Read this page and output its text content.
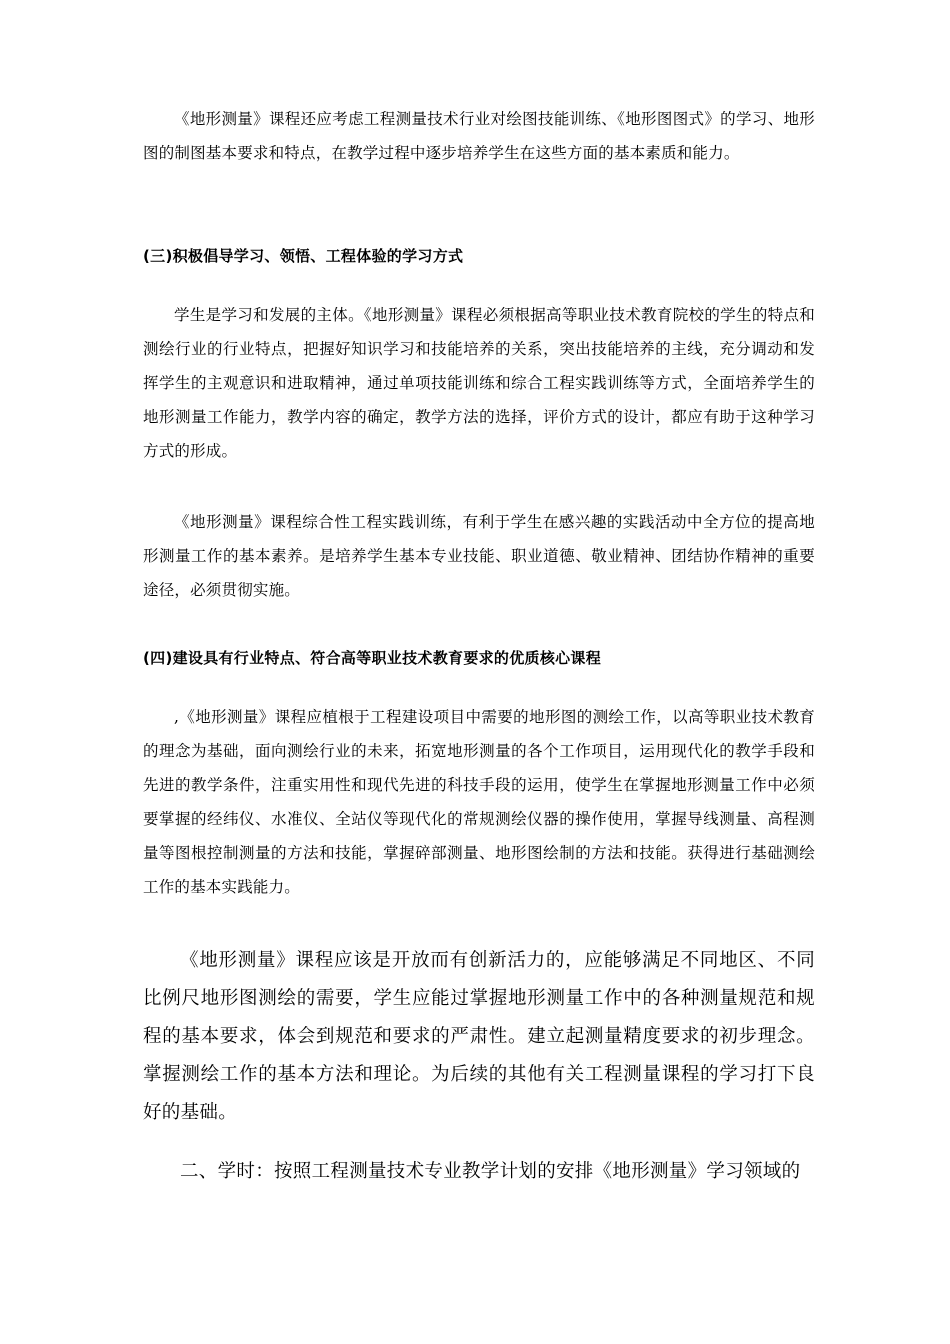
《地形测量》课程还应考虑工程测量技术行业对绘图技能训练、《地形图图式》的学习、地形图的制图基本要求和特点，在教学过程中逐步培养学生在这些方面的基本素质和能力。

(三)积极倡导学习、领悟、工程体验的学习方式

学生是学习和发展的主体。《地形测量》课程必须根据高等职业技术教育院校的学生的特点和测绘行业的行业特点，把握好知识学习和技能培养的关系，突出技能培养的主线，充分调动和发挥学生的主观意识和进取精神，通过单项技能训练和综合工程实践训练等方式，全面培养学生的地形测量工作能力，教学内容的确定，教学方法的选择，评价方式的设计，都应有助于这种学习方式的形成。

《地形测量》课程综合性工程实践训练，有利于学生在感兴趣的实践活动中全方位的提高地形测量工作的基本素养。是培养学生基本专业技能、职业道德、敬业精神、团结协作精神的重要途径，必须贯彻实施。

(四)建设具有行业特点、符合高等职业技术教育要求的优质核心课程

,《地形测量》课程应植根于工程建设项目中需要的地形图的测绘工作，以高等职业技术教育的理念为基础，面向测绘行业的未来，拓宽地形测量的各个工作项目，运用现代化的教学手段和先进的教学条件，注重实用性和现代先进的科技手段的运用，使学生在掌握地形测量工作中必须要掌握的经纬仪、水准仪、全站仪等现代化的常规测绘仪器的操作使用，掌握导线测量、高程测量等图根控制测量的方法和技能，掌握碎部测量、地形图绘制的方法和技能。获得进行基础测绘工作的基本实践能力。

《地形测量》课程应该是开放而有创新活力的，应能够满足不同地区、不同比例尺地形图测绘的需要，学生应能过掌握地形测量工作中的各种测量规范和规程的基本要求，体会到规范和要求的严肃性。建立起测量精度要求的初步理念。掌握测绘工作的基本方法和理论。为后续的其他有关工程测量课程的学习打下良好的基础。

二、学时：按照工程测量技术专业教学计划的安排《地形测量》学习领域的
